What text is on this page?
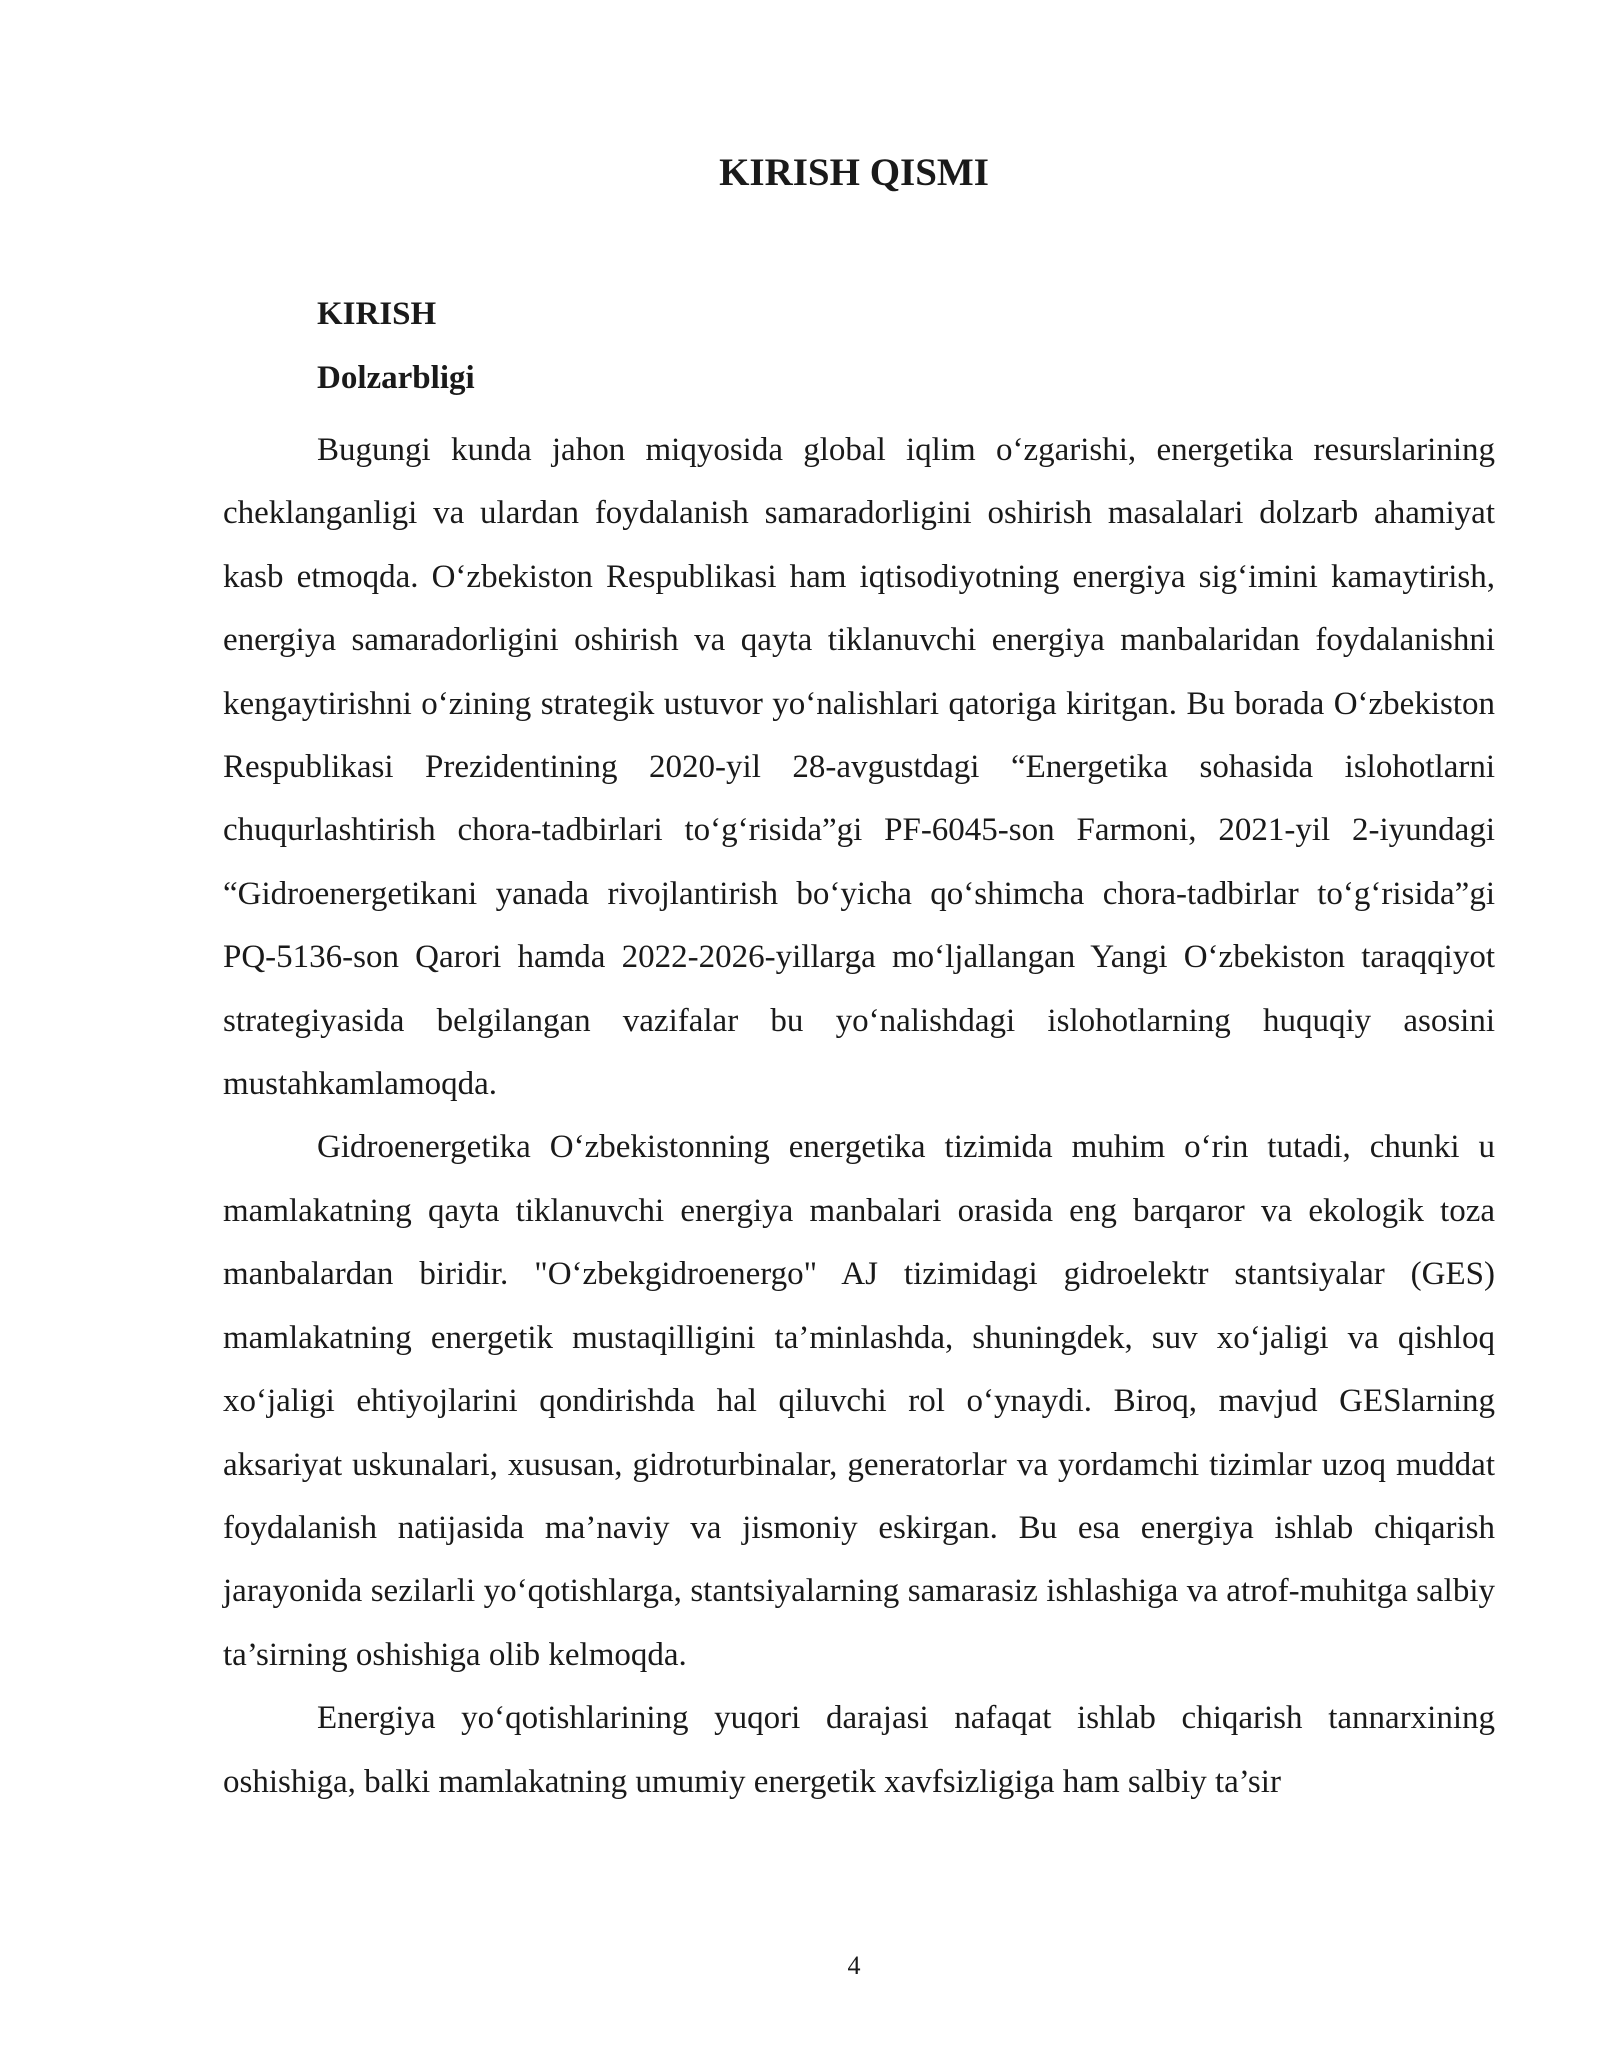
KIRISH QISMI
KIRISH
Dolzarbligi

Bugungi kunda jahon miqyosida global iqlim o‘zgarishi, energetika resurslarining cheklanganligi va ulardan foydalanish samaradorligini oshirish masalalari dolzarb ahamiyat kasb etmoqda. O‘zbekiston Respublikasi ham iqtisodiyotning energiya sig‘imini kamaytirish, energiya samaradorligini oshirish va qayta tiklanuvchi energiya manbalaridan foydalanishni kengaytirishni o‘zining strategik ustuvor yo‘nalishlari qatoriga kiritgan. Bu borada O‘zbekiston Respublikasi Prezidentining 2020-yil 28-avgustdagi “Energetika sohasida islohotlarni chuqurlashtirish chora-tadbirlari to‘g‘risida”gi PF-6045-son Farmoni, 2021-yil 2-iyundagi “Gidroenergetikani yanada rivojlantirish bo‘yicha qo‘shimcha chora-tadbirlar to‘g‘risida”gi PQ-5136-son Qarori hamda 2022-2026-yillarga mo‘ljallangan Yangi O‘zbekiston taraqqiyot strategiyasida belgilangan vazifalar bu yo‘nalishdagi islohotlarning huquqiy asosini mustahkamlamoqda.

Gidroenergetika O‘zbekistonning energetika tizimida muhim o‘rin tutadi, chunki u mamlakatning qayta tiklanuvchi energiya manbalari orasida eng barqaror va ekologik toza manbalardan biridir. "O‘zbekgidroenergo" AJ tizimidagi gidroelektr stantsiyalar (GES) mamlakatning energetik mustaqilligini ta’minlashda, shuningdek, suv xo‘jaligi va qishloq xo‘jaligi ehtiyojlarini qondirishda hal qiluvchi rol o‘ynaydi. Biroq, mavjud GESlarning aksariyat uskunalari, xususan, gidroturbinalar, generatorlar va yordamchi tizimlar uzoq muddat foydalanish natijasida ma’naviy va jismoniy eskirgan. Bu esa energiya ishlab chiqarish jarayonida sezilarli yo‘qotishlarga, stantsiyalarning samarasiz ishlashiga va atrof-muhitga salbiy ta’sirning oshishiga olib kelmoqda.

Energiya yo‘qotishlarining yuqori darajasi nafaqat ishlab chiqarish tannarxining oshishiga, balki mamlakatning umumiy energetik xavfsizligiga ham salbiy ta’sir

4
